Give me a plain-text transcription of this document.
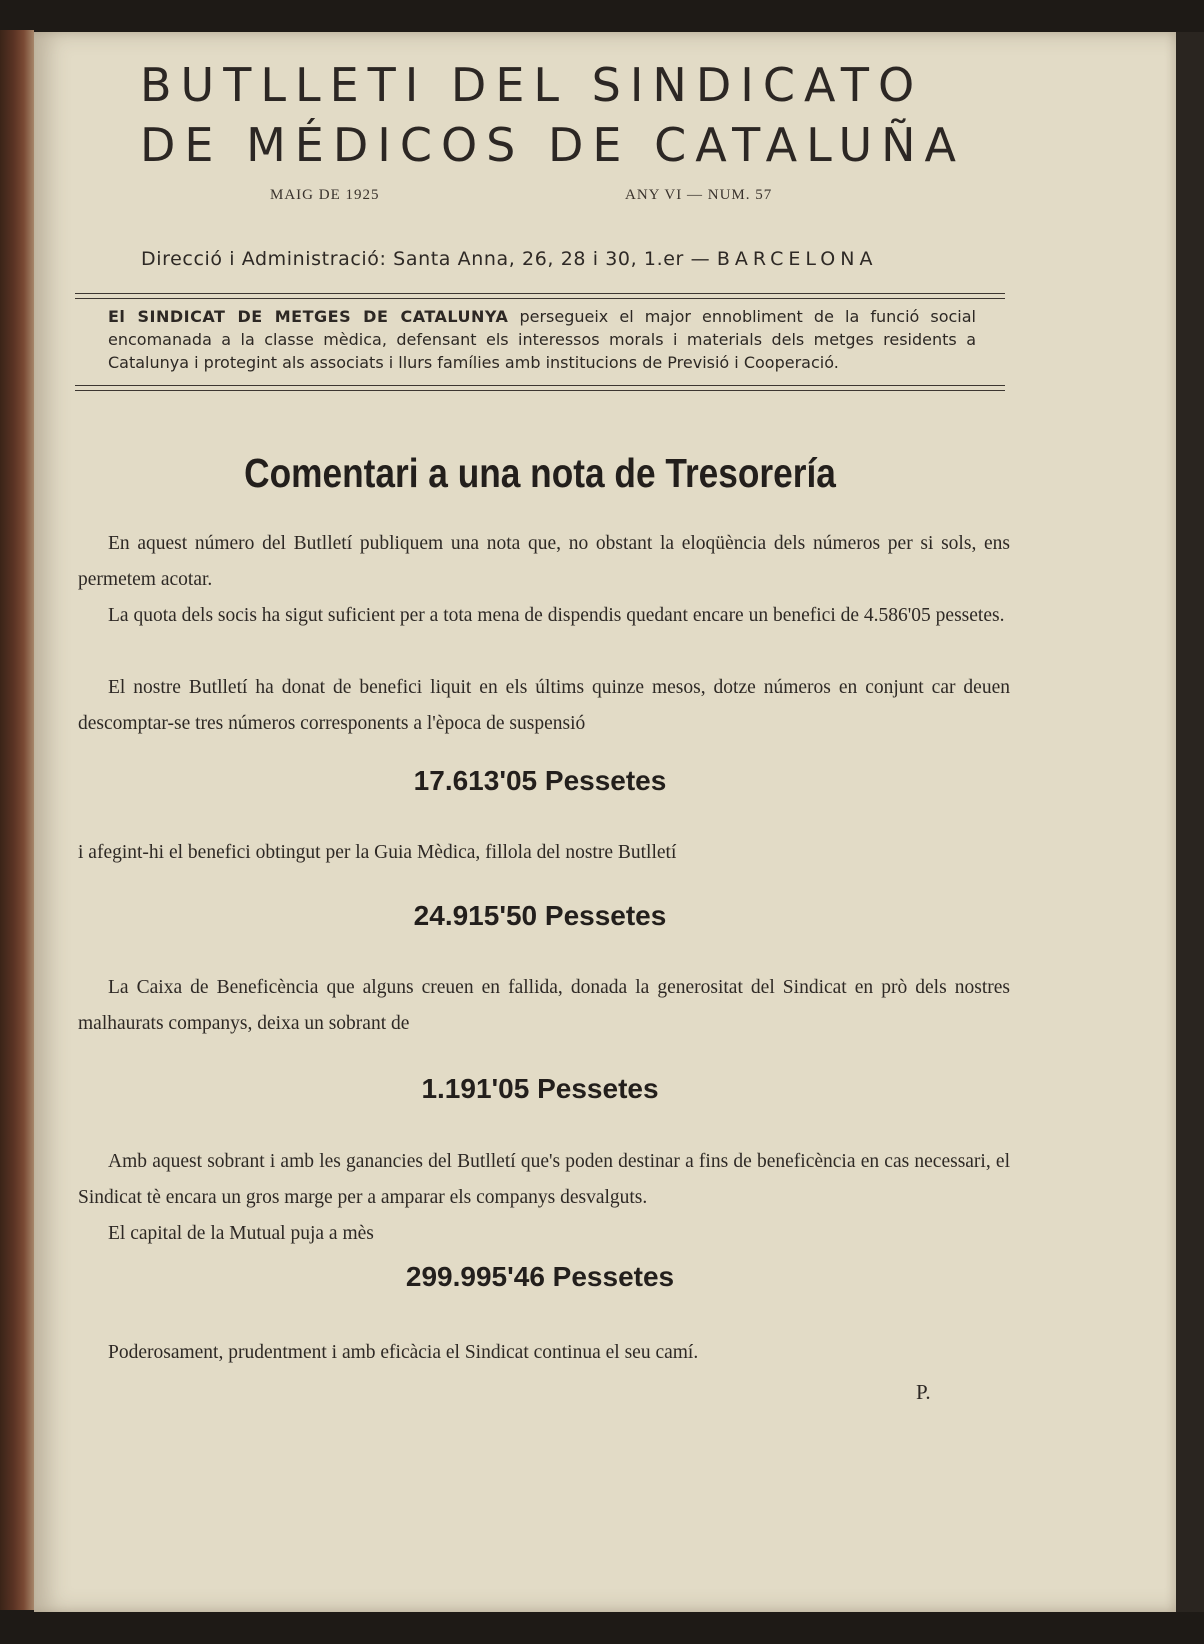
BUTLLETI DEL SINDICATO
DE MÉDICOS DE CATALUÑA
MAIG DE 1925	ANY VI — NUM. 57
Direcció i Administració: Santa Anna, 26, 28 i 30, 1.er — BARCELONA
El SINDICAT DE METGES DE CATALUNYA persegueix el major ennobliment de la funció social encomanada a la classe mèdica, defensant els interessos morals i materials dels metges residents a Catalunya i protegint als associats i llurs famílies amb institucions de Previsió i Cooperació.
Comentari a una nota de Tresorería
En aquest número del Butlletí publiquem una nota que, no obstant la eloqüència dels números per si sols, ens permetem acotar.
La quota dels socis ha sigut suficient per a tota mena de dispendis quedant encare un benefici de 4.586'05 pessetes.
El nostre Butlletí ha donat de benefici liquit en els últims quinze mesos, dotze números en conjunt car deuen descomptar-se tres números corresponents a l'època de suspensió
17.613'05 Pessetes
i afegint-hi el benefici obtingut per la Guia Mèdica, fillola del nostre Butlletí
24.915'50 Pessetes
La Caixa de Beneficència que alguns creuen en fallida, donada la generositat del Sindicat en prò dels nostres malhaurats companys, deixa un sobrant de
1.191'05 Pessetes
Amb aquest sobrant i amb les ganancies del Butlletí que's poden destinar a fins de beneficència en cas necessari, el Sindicat tè encara un gros marge per a amparar els companys desvalguts.
El capital de la Mutual puja a mès
299.995'46 Pessetes
Poderosament, prudentment i amb eficàcia el Sindicat continua el seu camí.
P.
